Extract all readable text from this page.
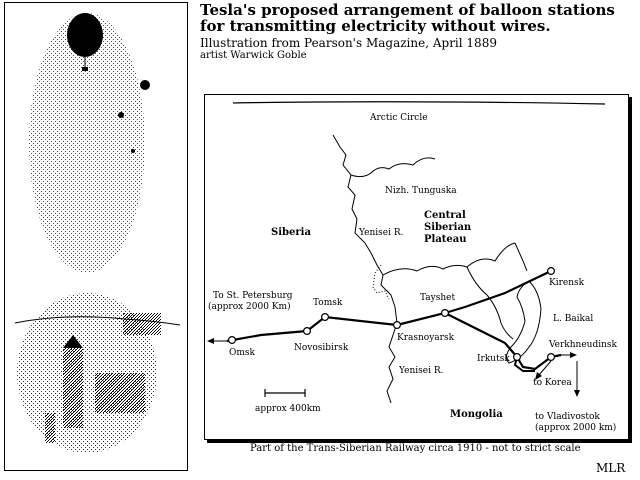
Tesla's proposed arrangement of balloon stations for transmitting electricity without wires.

Illustration from Pearson's Magazine, April 1889
artist Warwick Goble
Arctic Circle
approx 400km
Nizh. Tunguska
Central
Siberian
Plateau
Siberia	Yenisei R.
To St. Petersburg
(approx 2000 Km) Tomsk	Tayshet
Kirensk
L. Baikal
Omsk	Novosibirsk
Krasnoyarsk
Irkutsk
Verkhneudinsk
Yenisei R.
to Korea
Mongolia	to Vladivostok
(approx 2000 km)
Part of the Trans-Siberian Railway circa 1910 - not to strict scale
MLR
